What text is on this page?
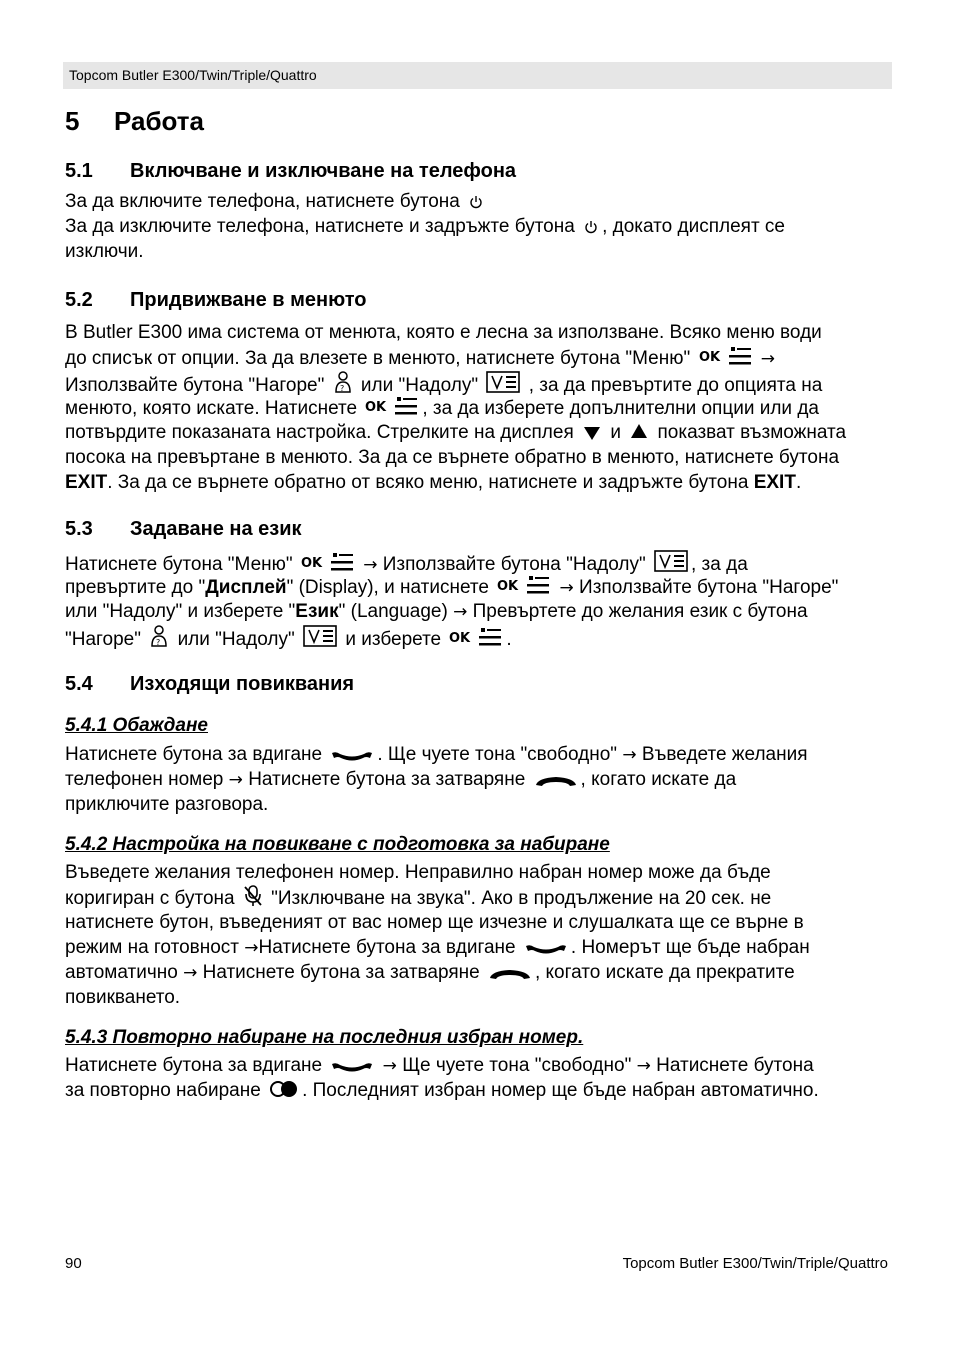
Topcom Butler E300/Twin/Triple/Quattro
5 Работа
5.1 Включване и изключване на телефона
За да включите телефона, натиснете бутона
За да изключите телефона, натиснете и задръжте бутона , докато дисплеят се
изключи.
5.2 Придвижване в менюто
В Butler E300 има система от менюта, която е лесна за използване. Всяко меню води
до списък от опции. За да влезете в менюто, натиснете бутона "Меню" OK →
Използвайте бутона "Нагоре" ? или "Надолу"	, за да превъртите до опцията на
менюто, която искате. Натиснете OK , за да изберете допълнителни опции или да
потвърдите показаната настройка. Стрелките на дисплея и показват възможната
посока на превъртане в менюто. За да се върнете обратно в менюто, натиснете бутона
EXIT. За да се върнете обратно от всяко меню, натиснете и задръжте бутона EXIT.
5.3 Задаване на език
Натиснете бутона "Меню" OK → Използвайте бутона "Надолу" , за да
превъртите до "Дисплей" (Display), и натиснете OK → Използвайте бутона "Нагоре"
или "Надолу" и изберете "Език" (Language) → Превъртете до желания език с бутона
"Нагоре" ? или "Надолу"	и изберете OK .
5.4 Изходящи повиквания
5.4.1 Обаждане
Натиснете бутона за вдигане	. Ще чуете тона "свободно" → Въведете желания
телефонен номер → Натиснете бутона за затваряне	, когато искате да
приключите разговора.
5.4.2 Настройка на повикване с подготовка за набиране
Въведете желания телефонен номер. Неправилно набран номер може да бъде
коригиран с бутона "Изключване на звука". Ако в продължение на 20 сек. не
натиснете бутон, въведеният от вас номер ще изчезне и слушалката ще се върне в
режим на готовност →Натиснете бутона за вдигане	. Номерът ще бъде набран
автоматично → Натиснете бутона за затваряне	, когато искате да прекратите
повикването.
5.4.3 Повторно набиране на последния избран номер.
Натиснете бутона за вдигане	→ Ще чуете тона "свободно" → Натиснете бутона
за повторно набиране . Последният избран номер ще бъде набран автоматично.
90	Topcom Butler E300/Twin/Triple/Quattro
